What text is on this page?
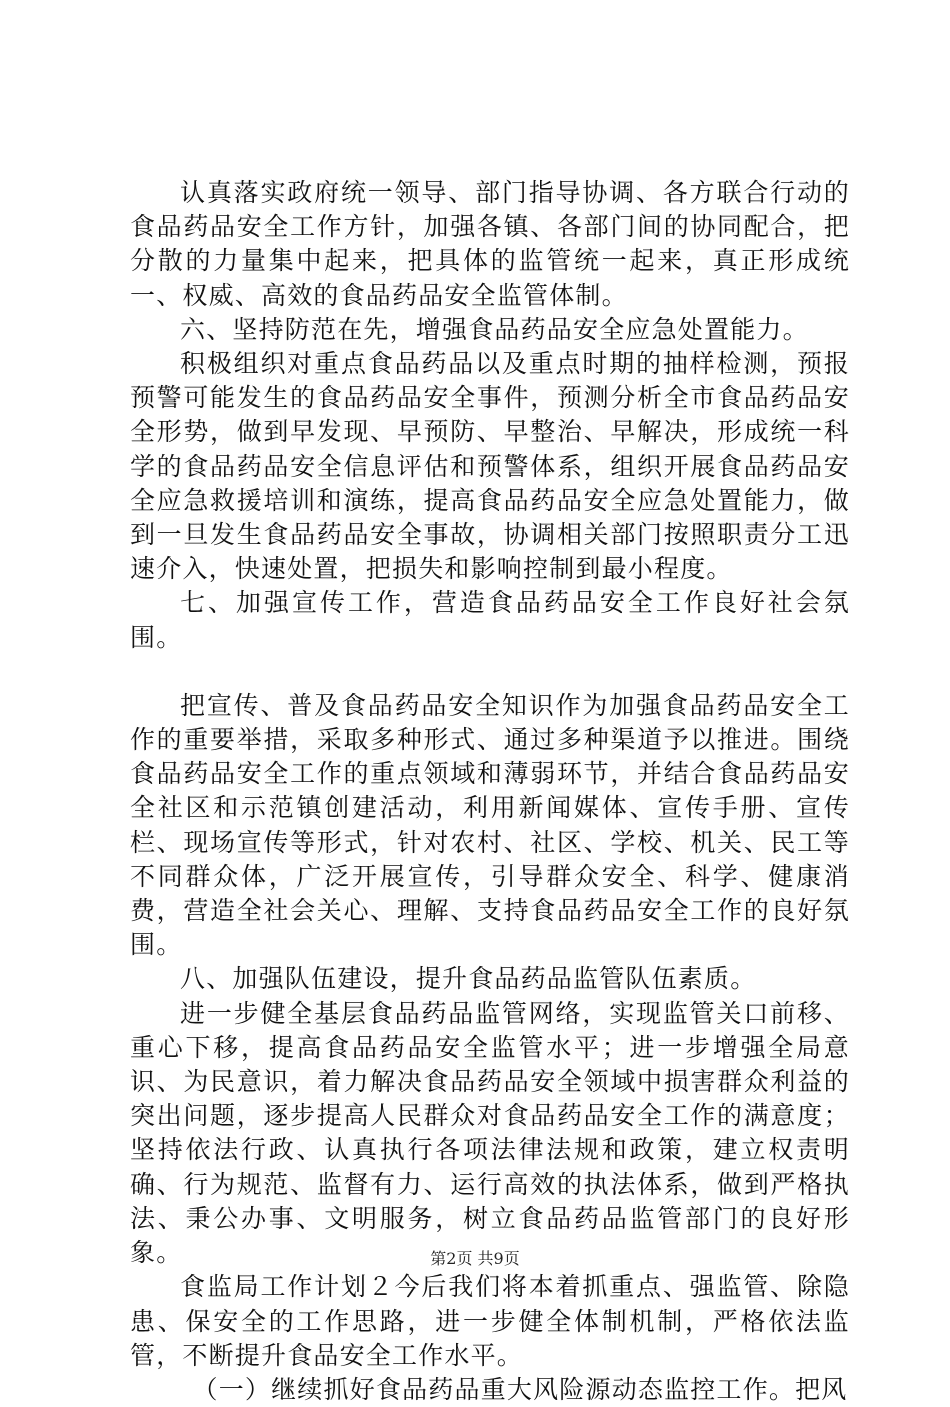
认真落实政府统一领导、部门指导协调、各方联合行动的食品药品安全工作方针，加强各镇、各部门间的协同配合，把分散的力量集中起来，把具体的监管统一起来，真正形成统一、权威、高效的食品药品安全监管体制。

六、坚持防范在先，增强食品药品安全应急处置能力。

积极组织对重点食品药品以及重点时期的抽样检测，预报预警可能发生的食品药品安全事件，预测分析全市食品药品安全形势，做到早发现、早预防、早整治、早解决，形成统一科学的食品药品安全信息评估和预警体系，组织开展食品药品安全应急救援培训和演练，提高食品药品安全应急处置能力，做到一旦发生食品药品安全事故，协调相关部门按照职责分工迅速介入，快速处置，把损失和影响控制到最小程度。

七、加强宣传工作，营造食品药品安全工作良好社会氛围。

把宣传、普及食品药品安全知识作为加强食品药品安全工作的重要举措，采取多种形式、通过多种渠道予以推进。围绕食品药品安全工作的重点领域和薄弱环节，并结合食品药品安全社区和示范镇创建活动，利用新闻媒体、宣传手册、宣传栏、现场宣传等形式，针对农村、社区、学校、机关、民工等不同群众体，广泛开展宣传，引导群众安全、科学、健康消费，营造全社会关心、理解、支持食品药品安全工作的良好氛围。

八、加强队伍建设，提升食品药品监管队伍素质。

进一步健全基层食品药品监管网络，实现监管关口前移、重心下移，提高食品药品安全监管水平；进一步增强全局意识、为民意识，着力解决食品药品安全领域中损害群众利益的突出问题，逐步提高人民群众对食品药品安全工作的满意度；坚持依法行政、认真执行各项法律法规和政策，建立权责明确、行为规范、监督有力、运行高效的执法体系，做到严格执法、秉公办事、文明服务，树立食品药品监管部门的良好形象。

食监局工作计划２今后我们将本着抓重点、强监管、除隐患、保安全的工作思路，进一步健全体制机制，严格依法监管，不断提升食品安全工作水平。

（一）继续抓好食品药品重大风险源动态监控工作。把风

第2页 共9页
